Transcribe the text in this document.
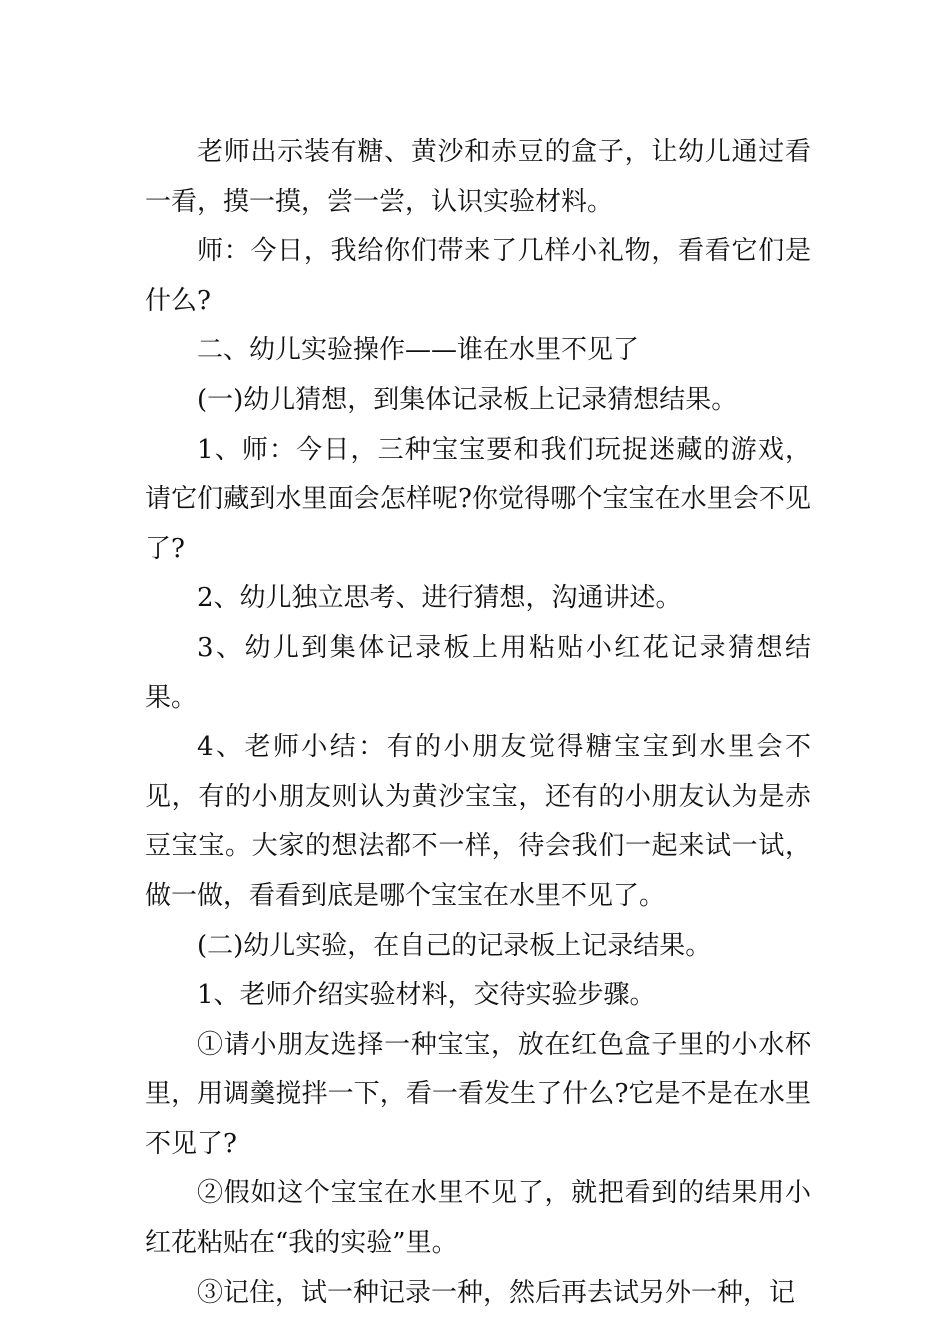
老师出示装有糖、黄沙和赤豆的盒子，让幼儿通过看一看，摸一摸，尝一尝，认识实验材料。

师：今日，我给你们带来了几样小礼物，看看它们是什么?

二、幼儿实验操作——谁在水里不见了

(一)幼儿猜想，到集体记录板上记录猜想结果。

1、师：今日，三种宝宝要和我们玩捉迷藏的游戏，请它们藏到水里面会怎样呢?你觉得哪个宝宝在水里会不见了?

2、幼儿独立思考、进行猜想，沟通讲述。

3、幼儿到集体记录板上用粘贴小红花记录猜想结果。

4、老师小结：有的小朋友觉得糖宝宝到水里会不见，有的小朋友则认为黄沙宝宝，还有的小朋友认为是赤豆宝宝。大家的想法都不一样，待会我们一起来试一试，做一做，看看到底是哪个宝宝在水里不见了。

(二)幼儿实验，在自己的记录板上记录结果。

1、老师介绍实验材料，交待实验步骤。

①请小朋友选择一种宝宝，放在红色盒子里的小水杯里，用调羹搅拌一下，看一看发生了什么?它是不是在水里不见了?

②假如这个宝宝在水里不见了，就把看到的结果用小红花粘贴在“我的实验”里。

③记住，试一种记录一种，然后再去试另外一种，记
